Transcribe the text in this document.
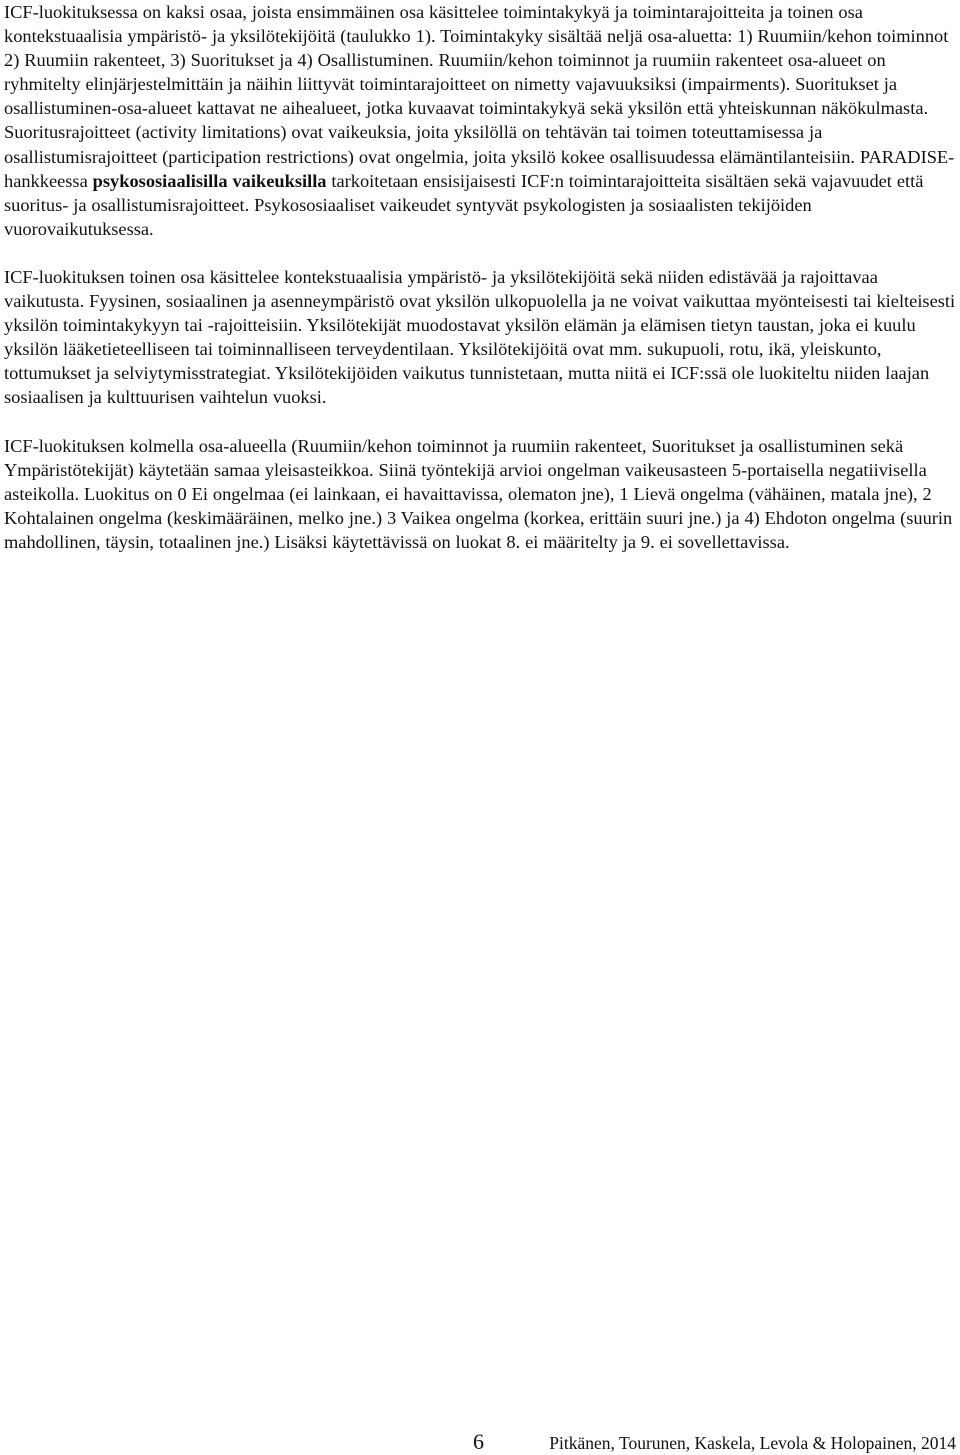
ICF-luokituksessa on kaksi osaa, joista ensimmäinen osa käsittelee toimintakykyä ja toimintarajoitteita ja toinen osa kontekstuaalisia ympäristö- ja yksilötekijöitä (taulukko 1). Toimintakyky sisältää neljä osa-aluetta: 1) Ruumiin/kehon toiminnot 2) Ruumiin rakenteet, 3) Suoritukset ja 4) Osallistuminen. Ruumiin/kehon toiminnot ja ruumiin rakenteet osa-alueet on ryhmitelty elinjärjestelmittäin ja näihin liittyvät toimintarajoitteet on nimetty vajavuuksiksi (impairments). Suoritukset ja osallistuminen-osa-alueet kattavat ne aihealueet, jotka kuvaavat toimintakykyä sekä yksilön että yhteiskunnan näkökulmasta. Suoritusrajoitteet (activity limitations) ovat vaikeuksia, joita yksilöllä on tehtävän tai toimen toteuttamisessa ja osallistumisrajoitteet (participation restrictions) ovat ongelmia, joita yksilö kokee osallisuudessa elämäntilanteisiin. PARADISE-hankkeessa psykososiaalisilla vaikeuksilla tarkoitetaan ensisijaisesti ICF:n toimintarajoitteita sisältäen sekä vajavuudet että suoritus- ja osallistumisrajoitteet. Psykososiaaliset vaikeudet syntyvät psykologisten ja sosiaalisten tekijöiden vuorovaikutuksessa.

ICF-luokituksen toinen osa käsittelee kontekstuaalisia ympäristö- ja yksilötekijöitä sekä niiden edistävää ja rajoittavaa vaikutusta. Fyysinen, sosiaalinen ja asenneympäristö ovat yksilön ulkopuolella ja ne voivat vaikuttaa myönteisesti tai kielteisesti yksilön toimintakykyyn tai -rajoitteisiin. Yksilötekijät muodostavat yksilön elämän ja elämisen tietyn taustan, joka ei kuulu yksilön lääketieteelliseen tai toiminnalliseen terveydentilaan. Yksilötekijöitä ovat mm. sukupuoli, rotu, ikä, yleiskunto, tottumukset ja selviytymisstrategiat. Yksilötekijöiden vaikutus tunnistetaan, mutta niitä ei ICF:ssä ole luokiteltu niiden laajan sosiaalisen ja kulttuurisen vaihtelun vuoksi.

ICF-luokituksen kolmella osa-alueella (Ruumiin/kehon toiminnot ja ruumiin rakenteet, Suoritukset ja osallistuminen sekä Ympäristötekijät) käytetään samaa yleisasteikkoa. Siinä työntekijä arvioi ongelman vaikeusasteen 5-portaisella negatiivisella asteikolla. Luokitus on 0 Ei ongelmaa (ei lainkaan, ei havaittavissa, olematon jne), 1 Lievä ongelma (vähäinen, matala jne), 2 Kohtalainen ongelma (keskimääräinen, melko jne.) 3 Vaikea ongelma (korkea, erittäin suuri jne.) ja 4) Ehdoton ongelma (suurin mahdollinen, täysin, totaalinen jne.) Lisäksi käytettävissä on luokat 8. ei määritelty ja 9. ei sovellettavissa.

6	Pitkänen, Tourunen, Kaskela, Levola & Holopainen, 2014
